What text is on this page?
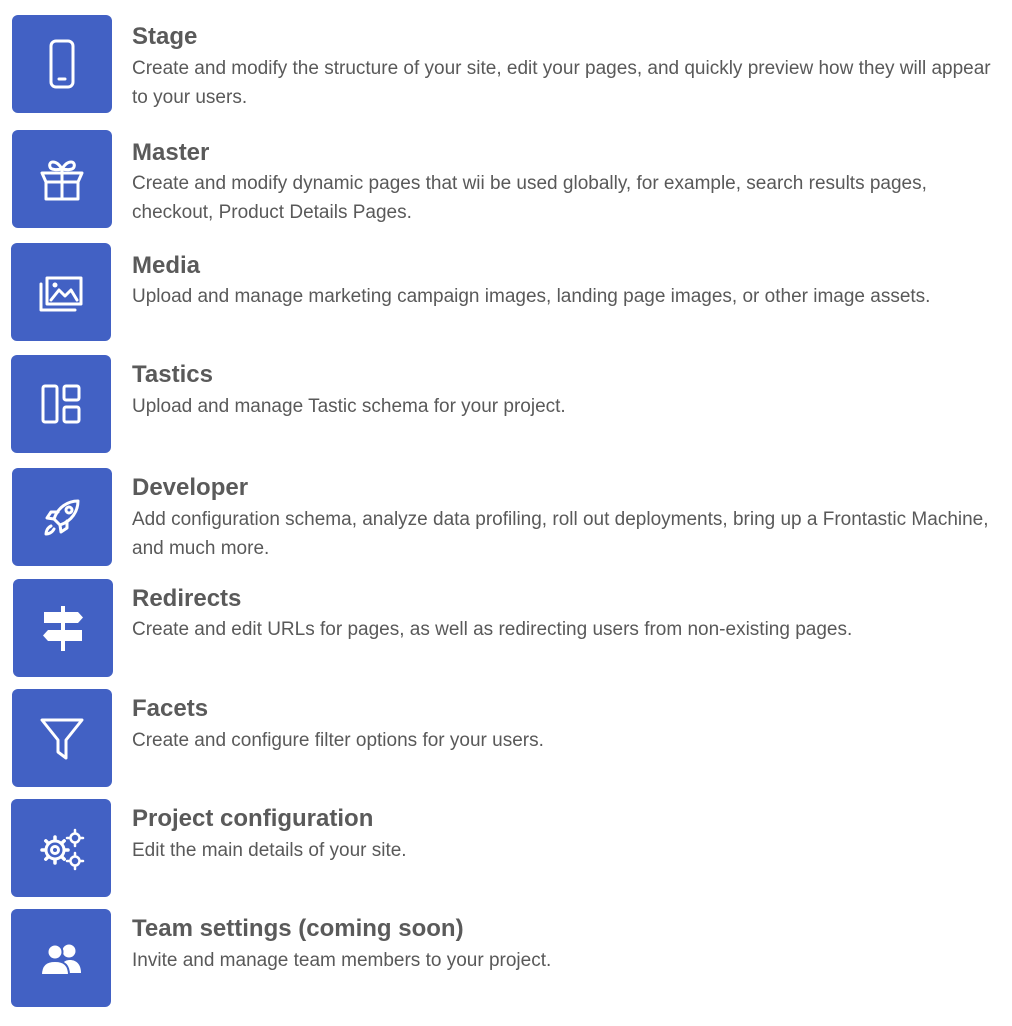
Stage
Create and modify the structure of your site, edit your pages, and quickly preview how they will appear to your users.
Master
Create and modify dynamic pages that wii be used globally, for example, search results pages, checkout, Product Details Pages.
Media
Upload and manage marketing campaign images, landing page images, or other image assets.
Tastics
Upload and manage Tastic schema for your project.
Developer
Add configuration schema, analyze data profiling, roll out deployments, bring up a Frontastic Machine, and much more.
Redirects
Create and edit URLs for pages, as well as redirecting users from non-existing pages.
Facets
Create and configure filter options for your users.
Project configuration
Edit the main details of your site.
Team settings (coming soon)
Invite and manage team members to your project.
